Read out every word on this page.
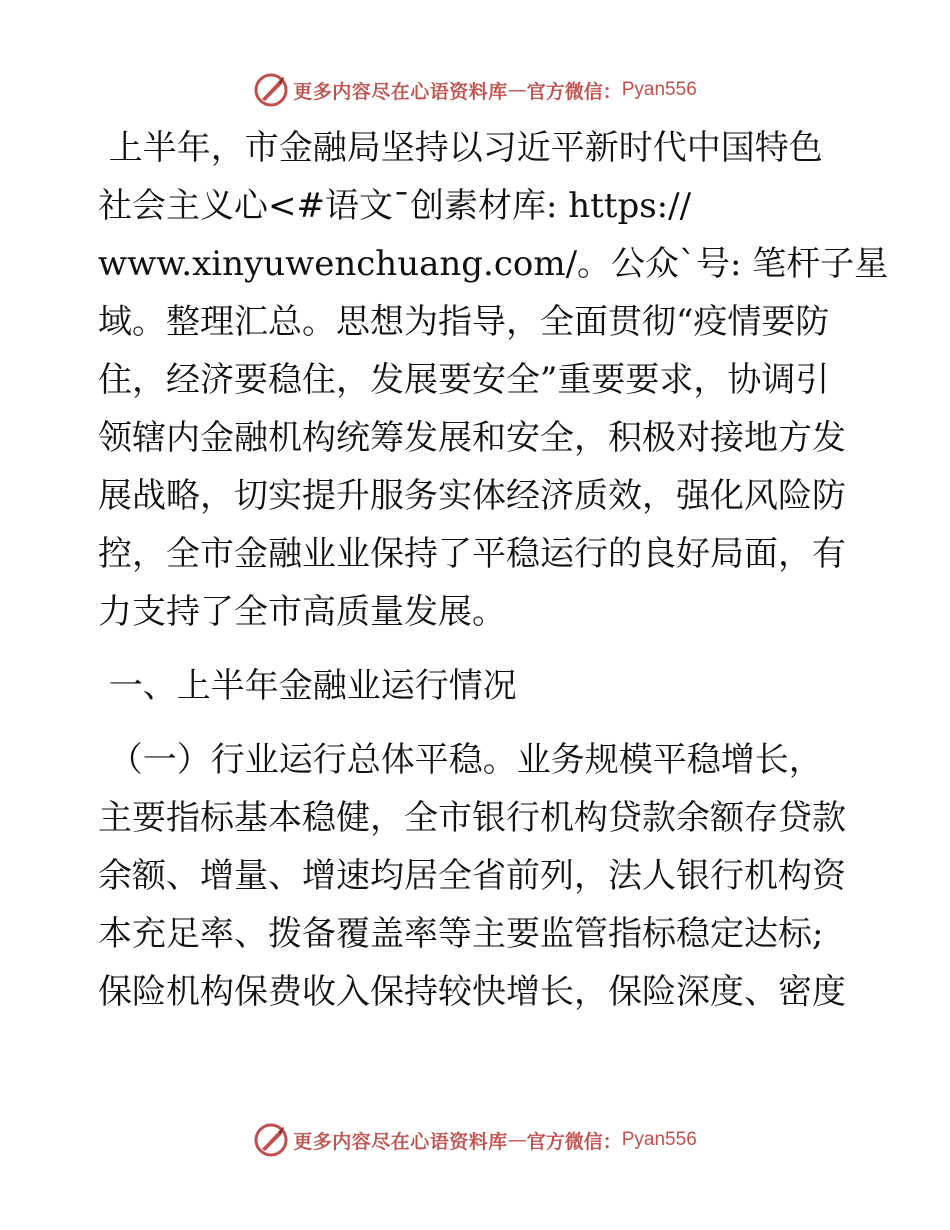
更多内容尽在心语资料库 — 官方微信： Pyan556
上半年，市金融局坚持以习近平新时代中国特色
社会主义心<#语文¯创素材库: https://
www.xinyuwenchuang.com/。公众`号: 笔杆子星
域。整理汇总。思想为指导，全面贯彻“疫情要防
住，经济要稳住，发展要安全”重要要求，协调引
领辖内金融机构统筹发展和安全，积极对接地方发
展战略，切实提升服务实体经济质效，强化风险防
控，全市金融业业保持了平稳运行的良好局面，有
力支持了全市高质量发展。
一、上半年金融业运行情况
（一）行业运行总体平稳。业务规模平稳增长，
主要指标基本稳健，全市银行机构贷款余额存贷款
余额、增量、增速均居全省前列，法人银行机构资
本充足率、拨备覆盖率等主要监管指标稳定达标;
保险机构保费收入保持较快增长，保险深度、密度
更多内容尽在心语资料库 — 官方微信： Pyan556
